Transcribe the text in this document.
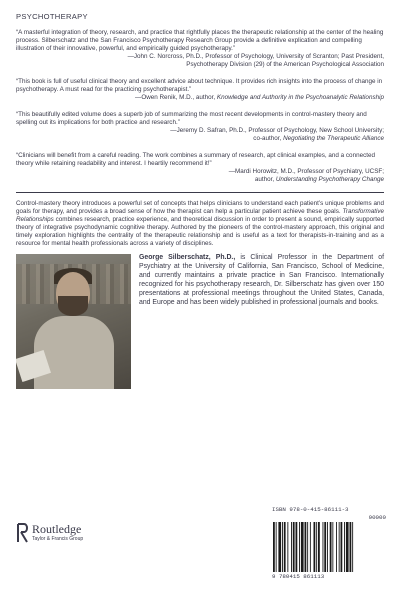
PSYCHOTHERAPY

“A masterful integration of theory, research, and practice that rightfully places the therapeutic relationship at the center of the healing process. Silberschatz and the San Francisco Psychotherapy Research Group provide a definitive explication and compelling illustration of their innovative, powerful, and empirically guided psychotherapy.”

—John C. Norcross, Ph.D., Professor of Psychology, University of Scranton; Past President,
Psychotherapy Division (29) of the American Psychological Association

“This book is full of useful clinical theory and excellent advice about technique. It provides rich insights into the process of change in psychotherapy. A must read for the practicing psychotherapist.”

—Owen Renik, M.D., author, Knowledge and Authority in the Psychoanalytic Relationship

“This beautifully edited volume does a superb job of summarizing the most recent developments in control-mastery theory and spelling out its implications for both practice and research.”

—Jeremy D. Safran, Ph.D., Professor of Psychology, New School University;
co-author, Negotiating the Therapeutic Alliance

“Clinicians will benefit from a careful reading. The work combines a summary of research, apt clinical examples, and a connected theory while retaining readability and interest. I heartily recommend it!”

—Mardi Horowitz, M.D., Professor of Psychiatry, UCSF;
author, Understanding Psychotherapy Change
Control-mastery theory introduces a powerful set of concepts that helps clinicians to understand each patient’s unique problems and goals for therapy, and provides a broad sense of how the therapist can help a particular patient achieve these goals. Transformative Relationships combines research, practice experience, and theoretical discussion in order to present a sound, empirically supported theory of integrative psychodynamic cognitive therapy. Authored by the pioneers of the control-mastery approach, this original and timely exploration highlights the centrality of the therapeutic relationship and is useful as a text for therapists-in-training and as a resource for mental health professionals across a variety of disciplines.
George Silberschatz, Ph.D., is Clinical Professor in the Department of Psychiatry at the University of California, San Francisco, School of Medicine, and currently maintains a private practice in San Francisco. Internationally recognized for his psychotherapy research, Dr. Silberschatz has given over 150 presentations at professional meetings throughout the United States, Canada, and Europe and has been widely published in professional journals and books.
Routledge
Taylor & Francis Group
ISBN 978-0-415-86111-3
90000
9 780415 861113
